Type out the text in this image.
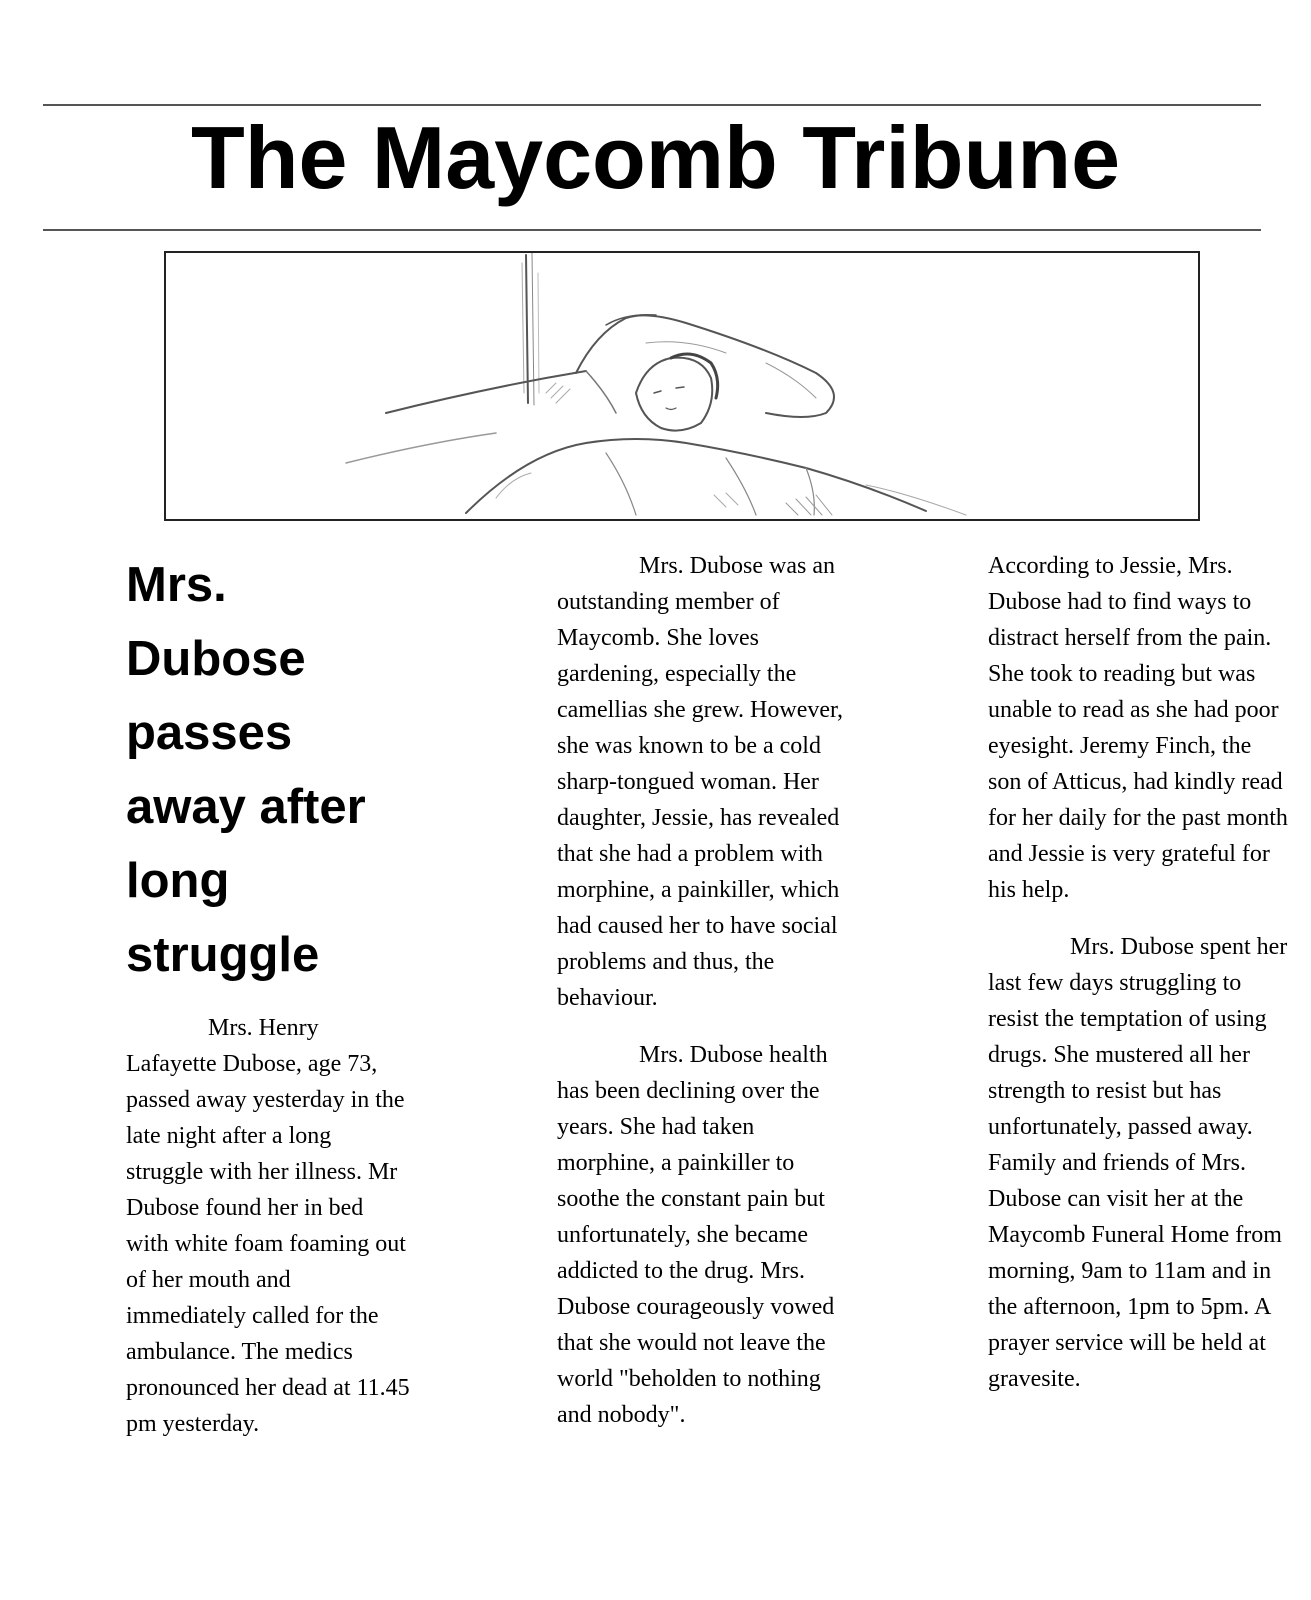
The Maycomb Tribune
Mrs. Dubose passes away after long struggle

Mrs. Henry Lafayette Dubose, age 73, passed away yesterday in the late night after a long struggle with her illness. Mr Dubose found her in bed with white foam foaming out of her mouth and immediately called for the ambulance. The medics pronounced her dead at 11.45 pm yesterday.

Mrs. Dubose was an outstanding member of Maycomb. She loves gardening, especially the camellias she grew. However, she was known to be a cold sharp-tongued woman. Her daughter, Jessie, has revealed that she had a problem with morphine, a painkiller, which had caused her to have social problems and thus, the behaviour.

Mrs. Dubose health has been declining over the years. She had taken morphine, a painkiller to soothe the constant pain but unfortunately, she became addicted to the drug. Mrs. Dubose courageously vowed that she would not leave the world "beholden to nothing and nobody".

According to Jessie, Mrs. Dubose had to find ways to distract herself from the pain. She took to reading but was unable to read as she had poor eyesight. Jeremy Finch, the son of Atticus, had kindly read for her daily for the past month and Jessie is very grateful for his help.

Mrs. Dubose spent her last few days struggling to resist the temptation of using drugs. She mustered all her strength to resist but has unfortunately, passed away. Family and friends of Mrs. Dubose can visit her at the Maycomb Funeral Home from morning, 9am to 11am and in the afternoon, 1pm to 5pm. A prayer service will be held at gravesite.
